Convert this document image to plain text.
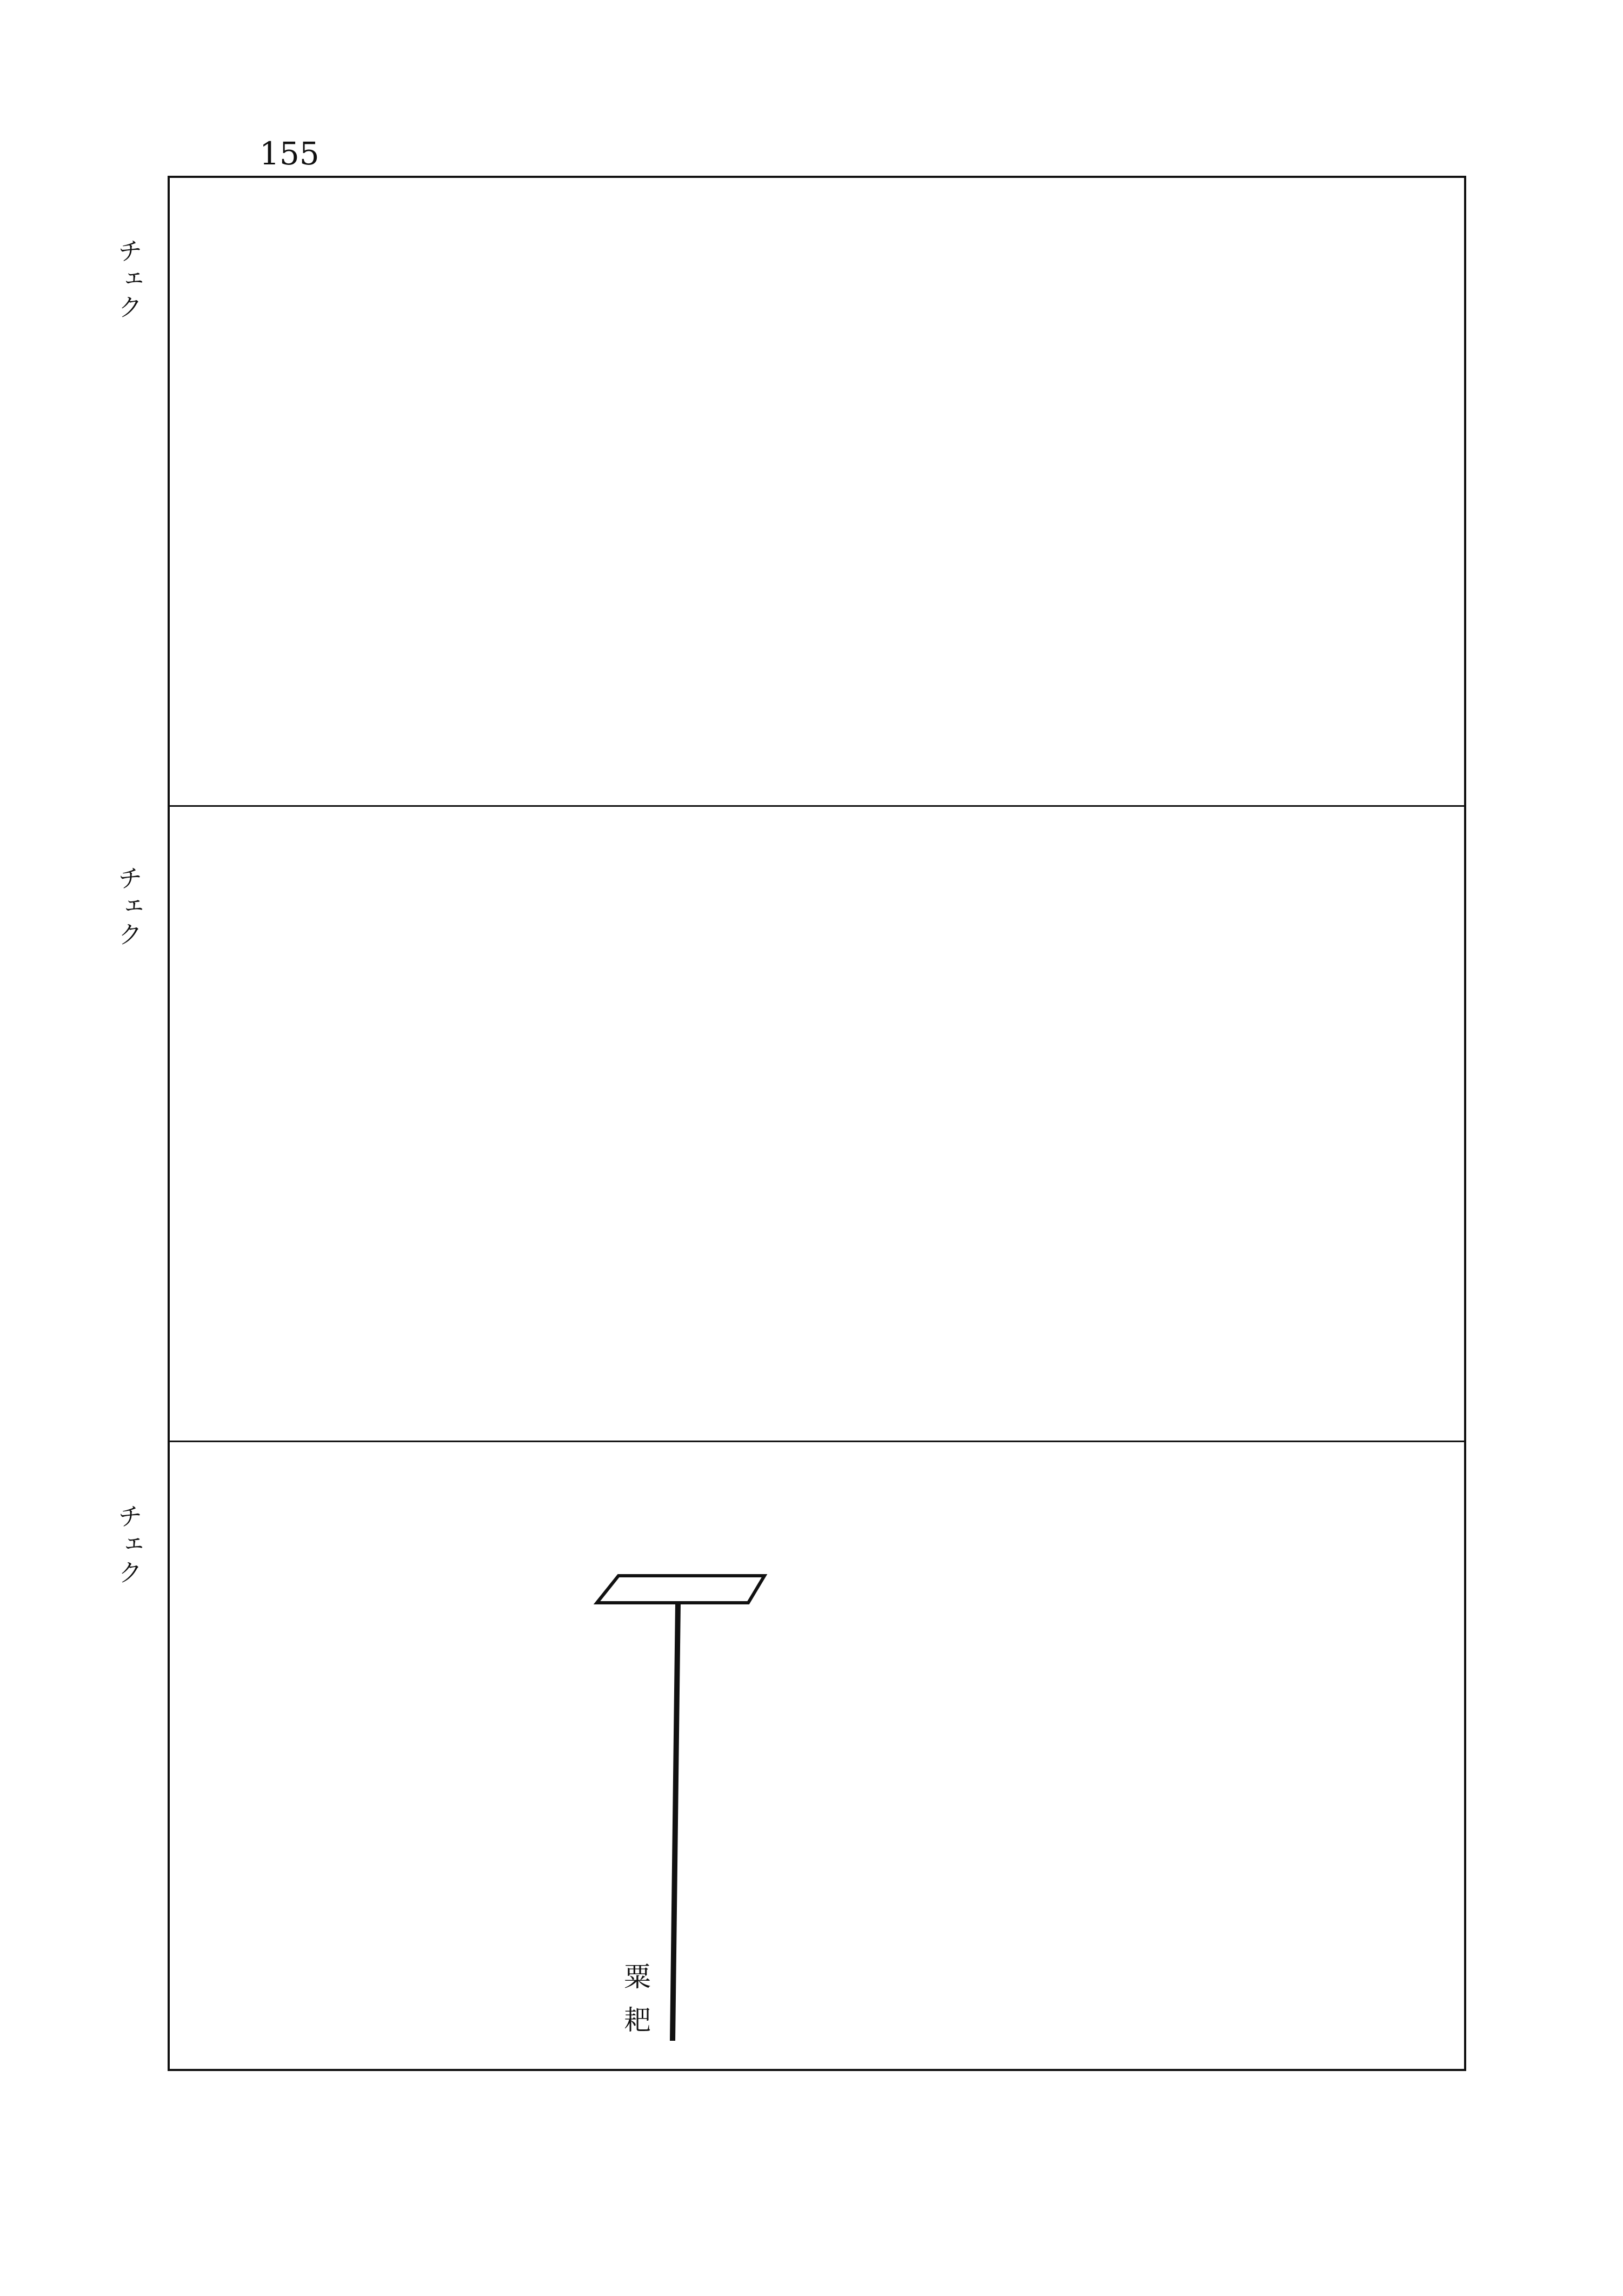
155
チェク
チェク
チェク
粟耙
